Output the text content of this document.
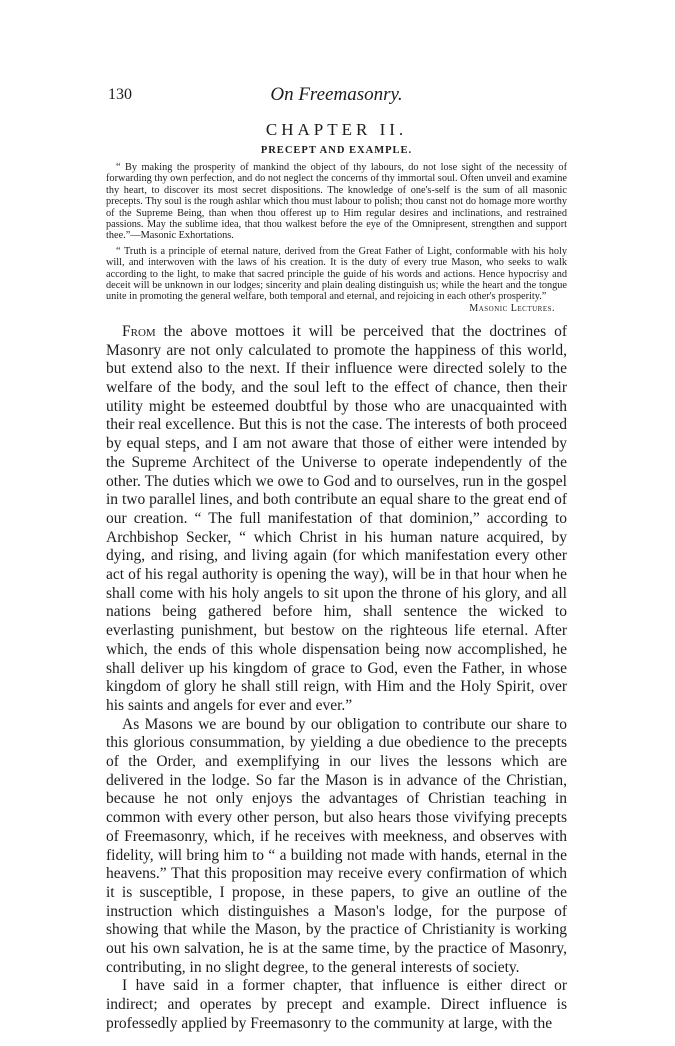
130	On Freemasonry.
CHAPTER II.
PRECEPT AND EXAMPLE.

“ By making the prosperity of mankind the object of thy labours, do not lose sight of the necessity of forwarding thy own perfection, and do not neglect the concerns of thy immortal soul. Often unveil and examine thy heart, to discover its most secret dispositions. The knowledge of one's-self is the sum of all masonic precepts. Thy soul is the rough ashlar which thou must labour to polish; thou canst not do homage more worthy of the Supreme Being, than when thou offerest up to Him regular desires and inclinations, and restrained passions. May the sublime idea, that thou walkest before the eye of the Omnipresent, strengthen and support thee.”—Masonic Exhortations.

“ Truth is a principle of eternal nature, derived from the Great Father of Light, conformable with his holy will, and interwoven with the laws of his creation. It is the duty of every true Mason, who seeks to walk according to the light, to make that sacred principle the guide of his words and actions. Hence hypocrisy and deceit will be unknown in our lodges; sincerity and plain dealing distinguish us; while the heart and the tongue unite in promoting the general welfare, both temporal and eternal, and rejoicing in each other's prosperity.”

Masonic Lectures.

From the above mottoes it will be perceived that the doctrines of Masonry are not only calculated to promote the happiness of this world, but extend also to the next. If their influence were directed solely to the welfare of the body, and the soul left to the effect of chance, then their utility might be esteemed doubtful by those who are unacquainted with their real excellence. But this is not the case. The interests of both proceed by equal steps, and I am not aware that those of either were intended by the Supreme Architect of the Universe to operate independently of the other. The duties which we owe to God and to ourselves, run in the gospel in two parallel lines, and both contribute an equal share to the great end of our creation. “ The full manifestation of that dominion,” according to Archbishop Secker, “ which Christ in his human nature acquired, by dying, and rising, and living again (for which manifestation every other act of his regal authority is opening the way), will be in that hour when he shall come with his holy angels to sit upon the throne of his glory, and all nations being gathered before him, shall sentence the wicked to everlasting punishment, but bestow on the righteous life eternal. After which, the ends of this whole dispensation being now accomplished, he shall deliver up his kingdom of grace to God, even the Father, in whose kingdom of glory he shall still reign, with Him and the Holy Spirit, over his saints and angels for ever and ever.”

As Masons we are bound by our obligation to contribute our share to this glorious consummation, by yielding a due obedience to the precepts of the Order, and exemplifying in our lives the lessons which are delivered in the lodge. So far the Mason is in advance of the Christian, because he not only enjoys the advantages of Christian teaching in common with every other person, but also hears those vivifying precepts of Freemasonry, which, if he receives with meekness, and observes with fidelity, will bring him to “ a building not made with hands, eternal in the heavens.” That this proposition may receive every confirmation of which it is susceptible, I propose, in these papers, to give an outline of the instruction which distinguishes a Mason's lodge, for the purpose of showing that while the Mason, by the practice of Christianity is working out his own salvation, he is at the same time, by the practice of Masonry, contributing, in no slight degree, to the general interests of society.

I have said in a former chapter, that influence is either direct or indirect; and operates by precept and example. Direct influence is professedly applied by Freemasonry to the community at large, with the
